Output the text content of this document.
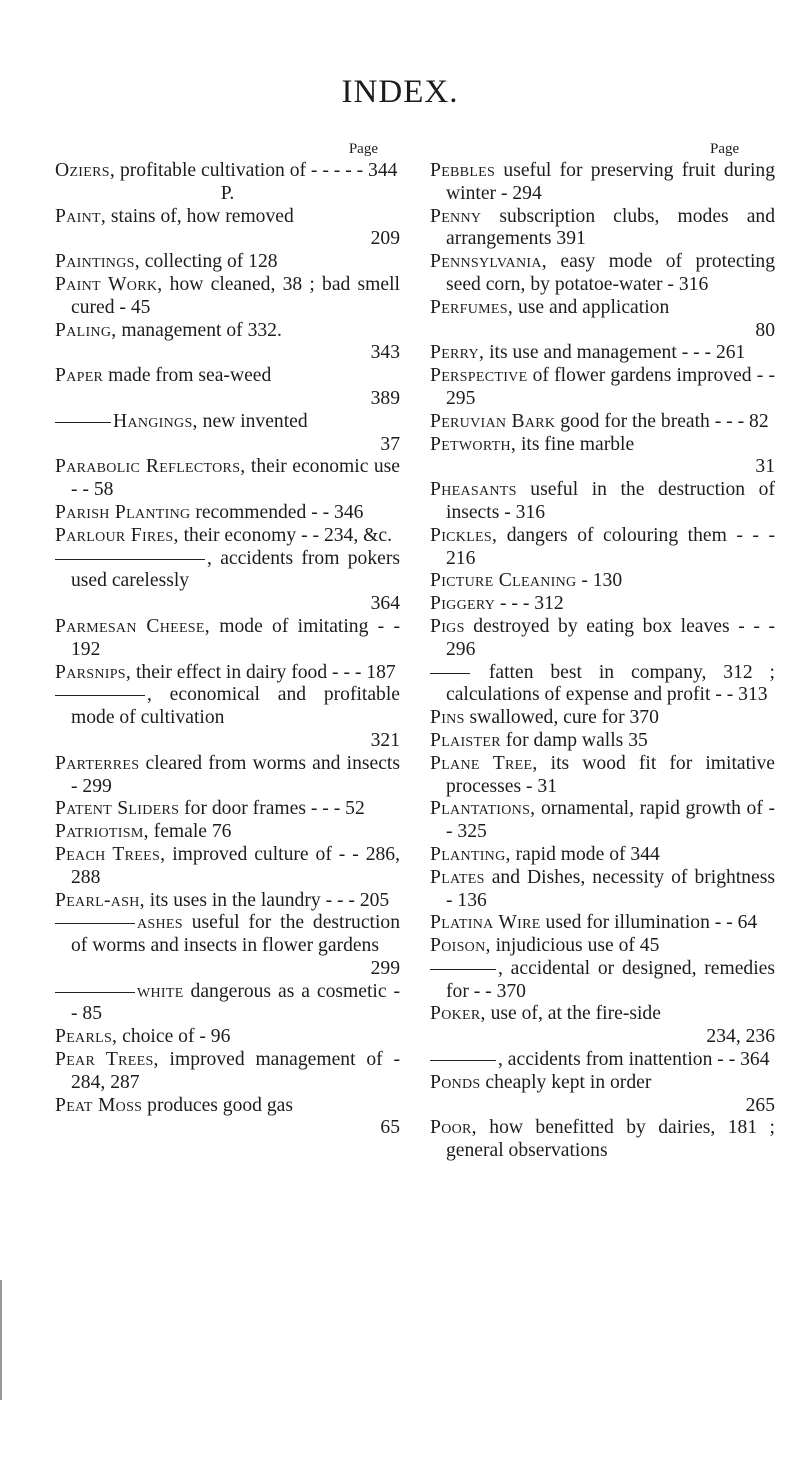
INDEX.
Page
Oziers, profitable cultivation of - - - - - 344
P.
Paint, stains of, how removed
209
Paintings, collecting of 128
Paint Work, how cleaned, 38 ; bad smell cured - 45
Paling, management of 332.
343
Paper made from sea-weed
389
Hangings, new invented
37
Parabolic Reflectors, their economic use - - 58
Parish Planting recommended - - 346
Parlour Fires, their economy - - 234, &c.
, accidents from pokers used carelessly
364
Parmesan Cheese, mode of imitating - - 192
Parsnips, their effect in dairy food - - - 187
, economical and profitable mode of cultivation
321
Parterres cleared from worms and insects - 299
Patent Sliders for door frames - - - 52
Patriotism, female 76
Peach Trees, improved culture of - - 286, 288
Pearl-ash, its uses in the laundry - - - 205
ashes useful for the destruction of worms and insects in flower gardens
299
white dangerous as a cosmetic - - 85
Pearls, choice of - 96
Pear Trees, improved management of - 284, 287
Peat Moss produces good gas
65
Page
Pebbles useful for preserving fruit during winter - 294
Penny subscription clubs, modes and arrangements 391
Pennsylvania, easy mode of protecting seed corn, by potatoe-water - 316
Perfumes, use and application
80
Perry, its use and management - - - 261
Perspective of flower gardens improved - - 295
Peruvian Bark good for the breath - - - 82
Petworth, its fine marble
31
Pheasants useful in the destruction of insects - 316
Pickles, dangers of colouring them - - - 216
Picture Cleaning - 130
Piggery - - - 312
Pigs destroyed by eating box leaves - - - 296
fatten best in company, 312 ; calculations of expense and profit - - 313
Pins swallowed, cure for 370
Plaister for damp walls 35
Plane Tree, its wood fit for imitative processes - 31
Plantations, ornamental, rapid growth of - - 325
Planting, rapid mode of 344
Plates and Dishes, necessity of brightness - 136
Platina Wire used for illumination - - 64
Poison, injudicious use of 45
, accidental or designed, remedies for - - 370
Poker, use of, at the fire-side
234, 236
, accidents from inattention - - 364
Ponds cheaply kept in order
265
Poor, how benefitted by dairies, 181 ; general observations
